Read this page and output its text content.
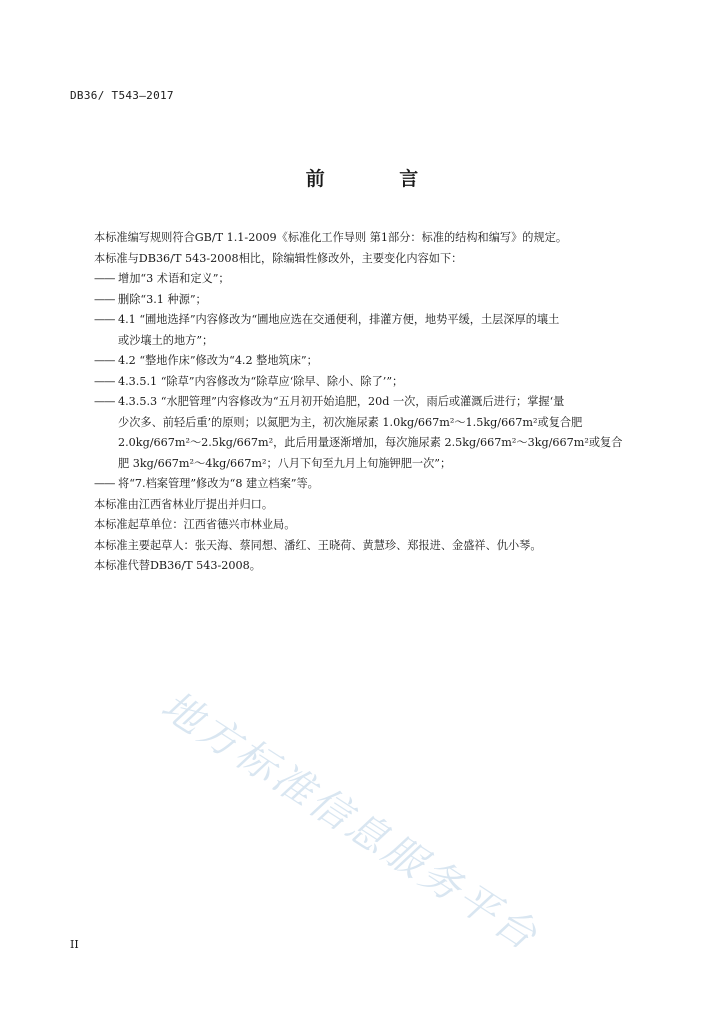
DB36/ T543—2017
前 言
本标准编写规则符合GB/T 1.1-2009《标准化工作导则 第1部分：标准的结构和编写》的规定。
本标准与DB36/T 543-2008相比，除编辑性修改外，主要变化内容如下：
—— 增加“3 术语和定义”；
—— 删除“3.1 种源”；
—— 4.1 “圃地选择”内容修改为“圃地应选在交通便利，排灌方便，地势平缓，土层深厚的壤土
或沙壤土的地方”；
—— 4.2 “整地作床”修改为“4.2 整地筑床”；
—— 4.3.5.1 “除草”内容修改为“除草应‘除早、除小、除了’”；
—— 4.3.5.3 “水肥管理”内容修改为“五月初开始追肥，20d 一次，雨后或灌溉后进行；掌握‘量
少次多、前轻后重’的原则；以氮肥为主，初次施尿素 1.0kg/667m²～1.5kg/667m²或复合肥
2.0kg/667m²～2.5kg/667m²，此后用量逐渐增加，每次施尿素 2.5kg/667m²～3kg/667m²或复合
肥 3kg/667m²～4kg/667m²；八月下旬至九月上旬施钾肥一次”；
—— 将“7.档案管理”修改为“8 建立档案”等。
本标准由江西省林业厅提出并归口。
本标准起草单位：江西省德兴市林业局。
本标准主要起草人：张天海、蔡同想、潘红、王晓荷、黄慧珍、郑报进、金盛祥、仇小琴。
本标准代替DB36/T 543-2008。
地方标准信息服务平台
II
